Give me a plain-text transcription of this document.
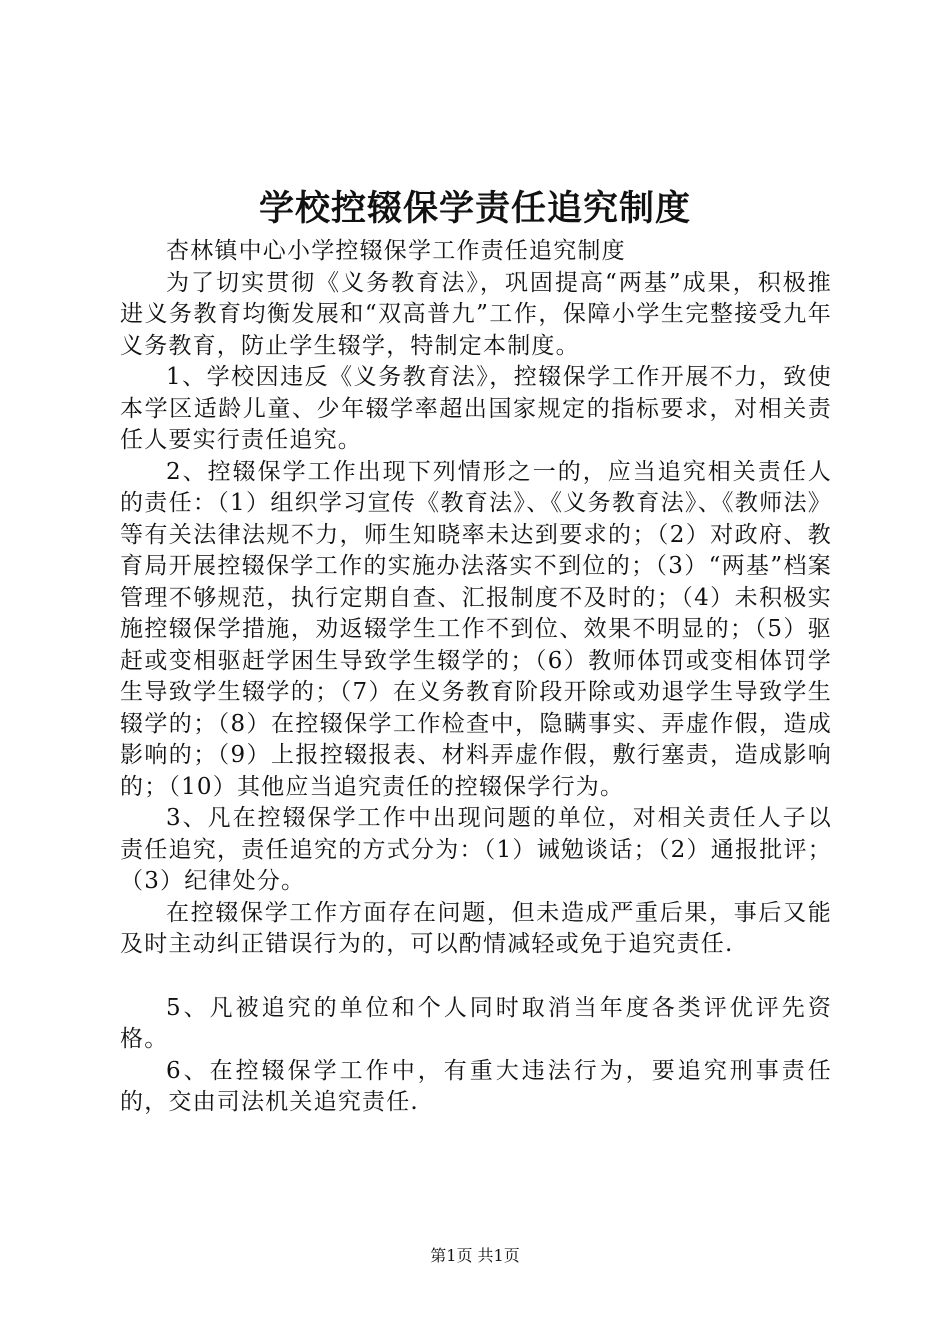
学校控辍保学责任追究制度

杏林镇中心小学控辍保学工作责任追究制度

为了切实贯彻《义务教育法》，巩固提高“两基”成果，积极推进义务教育均衡发展和“双高普九”工作，保障小学生完整接受九年义务教育，防止学生辍学，特制定本制度。

1、学校因违反《义务教育法》，控辍保学工作开展不力，致使本学区适龄儿童、少年辍学率超出国家规定的指标要求，对相关责任人要实行责任追究。

2、控辍保学工作出现下列情形之一的，应当追究相关责任人的责任：（1）组织学习宣传《教育法》、《义务教育法》、《教师法》等有关法律法规不力，师生知晓率未达到要求的；（2）对政府、教育局开展控辍保学工作的实施办法落实不到位的；（3）“两基”档案管理不够规范，执行定期自查、汇报制度不及时的；（4）未积极实施控辍保学措施，劝返辍学生工作不到位、效果不明显的；（5）驱赶或变相驱赶学困生导致学生辍学的；（6）教师体罚或变相体罚学生导致学生辍学的；（7）在义务教育阶段开除或劝退学生导致学生辍学的；（8）在控辍保学工作检查中，隐瞒事实、弄虚作假，造成影响的；（9）上报控辍报表、材料弄虚作假，敷行塞责，造成影响的；（10）其他应当追究责任的控辍保学行为。

3、凡在控辍保学工作中出现问题的单位，对相关责任人子以责任追究，责任追究的方式分为：（1）诫勉谈话；（2）通报批评；（3）纪律处分。

在控辍保学工作方面存在问题，但未造成严重后果，事后又能及时主动纠正错误行为的，可以酌情减轻或免于追究责任.

5、凡被追究的单位和个人同时取消当年度各类评优评先资格。

6、在控辍保学工作中，有重大违法行为，要追究刑事责任的，交由司法机关追究责任.

第1页 共1页
